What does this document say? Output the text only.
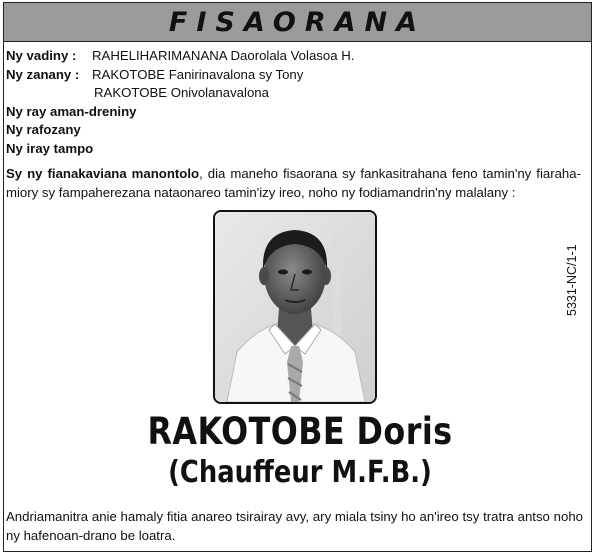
FISAORANA
Ny vadiny :	RAHELIHARIMANANA Daorolala Volasoa H.
Ny zanany : RAKOTOBE Fanirinavalona sy Tony
RAKOTOBE Onivolanavalona
Ny ray aman-dreniny
Ny rafozany
Ny iray tampo
Sy ny fianakaviana manontolo, dia maneho fisaorana sy fankasitrahana feno tamin'ny fiaraha-miory sy fampaherezana nataonareo tamin'izy ireo, noho ny fodiamandrin'ny malalany :
5331-NC/1-1
RAKOTOBE Doris
(Chauffeur M.F.B.)
Andriamanitra anie hamaly fitia anareo tsirairay avy, ary miala tsiny ho an'ireo tsy tratra antso noho ny hafenoan-drano be loatra.
